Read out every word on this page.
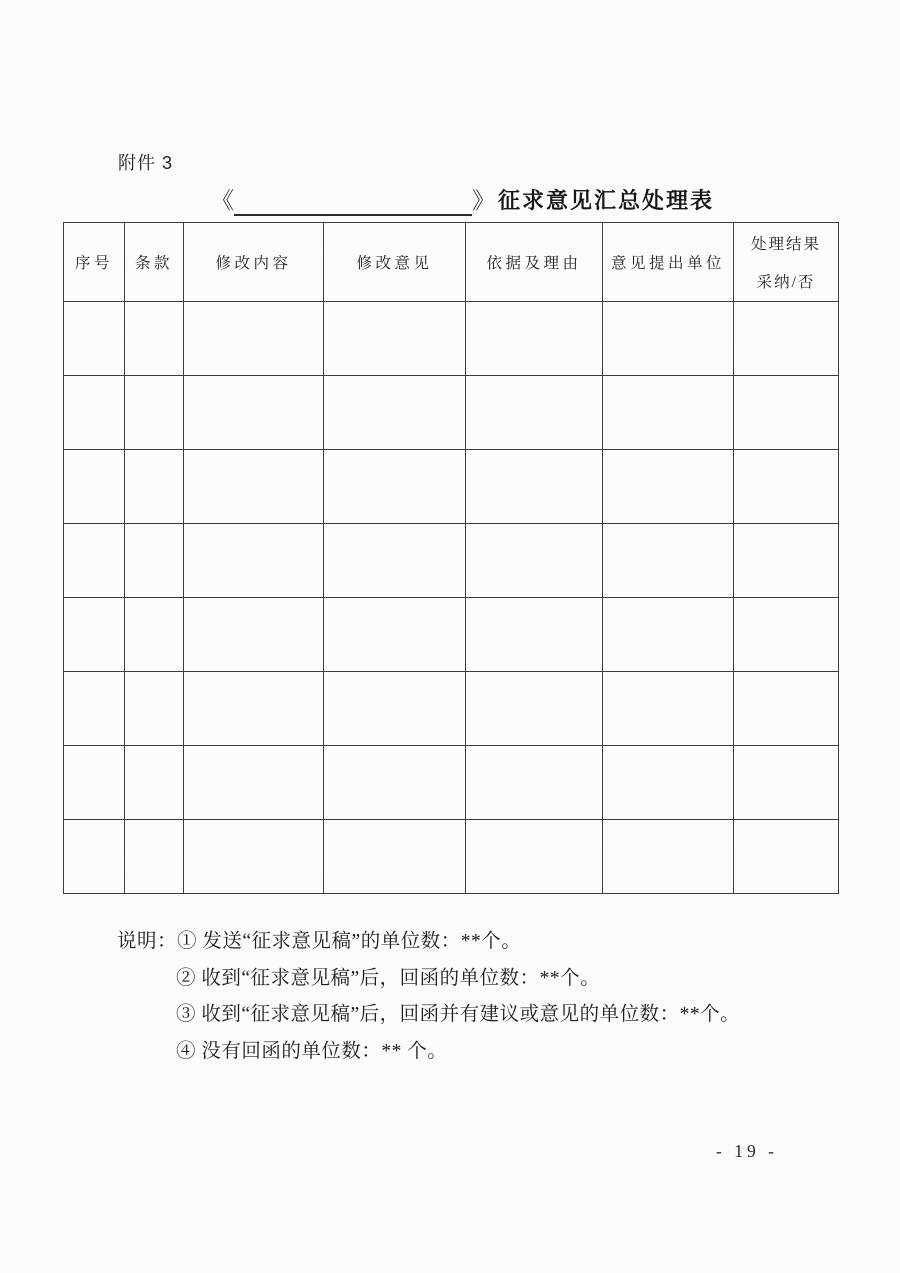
附件 3
《	》 征求意见汇总处理表
序号	条款	修改内容	修改意见	依据及理由	意见提出单位	处理结果
采纳/否

说明：① 发送“征求意见稿”的单位数：**个。
② 收到“征求意见稿”后，回函的单位数：**个。
③ 收到“征求意见稿”后，回函并有建议或意见的单位数：**个。
④ 没有回函的单位数：** 个。
- 19 -
